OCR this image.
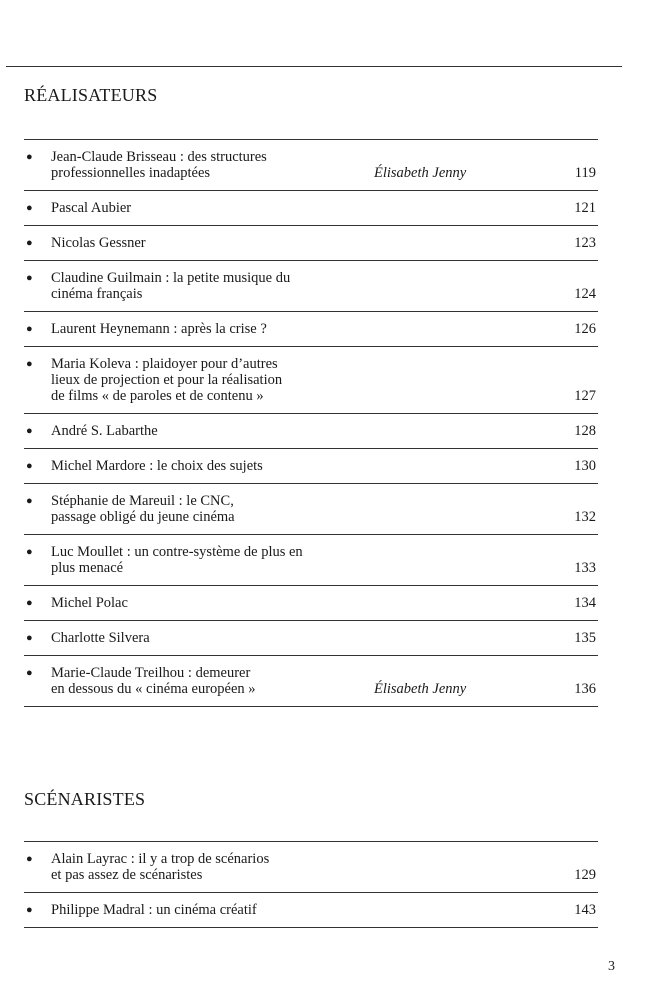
RÉALISATEURS
● Jean-Claude Brisseau : des structures
professionnelles inadaptées	Élisabeth Jenny	119
● Pascal Aubier	121
● Nicolas Gessner	123
● Claudine Guilmain : la petite musique du
cinéma français	124
● Laurent Heynemann : après la crise ?	126
● Maria Koleva : plaidoyer pour d’autres
lieux de projection et pour la réalisation
de films « de paroles et de contenu »	127
● André S. Labarthe	128
● Michel Mardore : le choix des sujets	130
● Stéphanie de Mareuil : le CNC,
passage obligé du jeune cinéma	132
● Luc Moullet : un contre-système de plus en
plus menacé	133
● Michel Polac	134
● Charlotte Silvera	135
● Marie-Claude Treilhou : demeurer
en dessous du « cinéma européen »	Élisabeth Jenny	136
SCÉNARISTES
● Alain Layrac : il y a trop de scénarios
et pas assez de scénaristes	129
● Philippe Madral : un cinéma créatif	143
3
